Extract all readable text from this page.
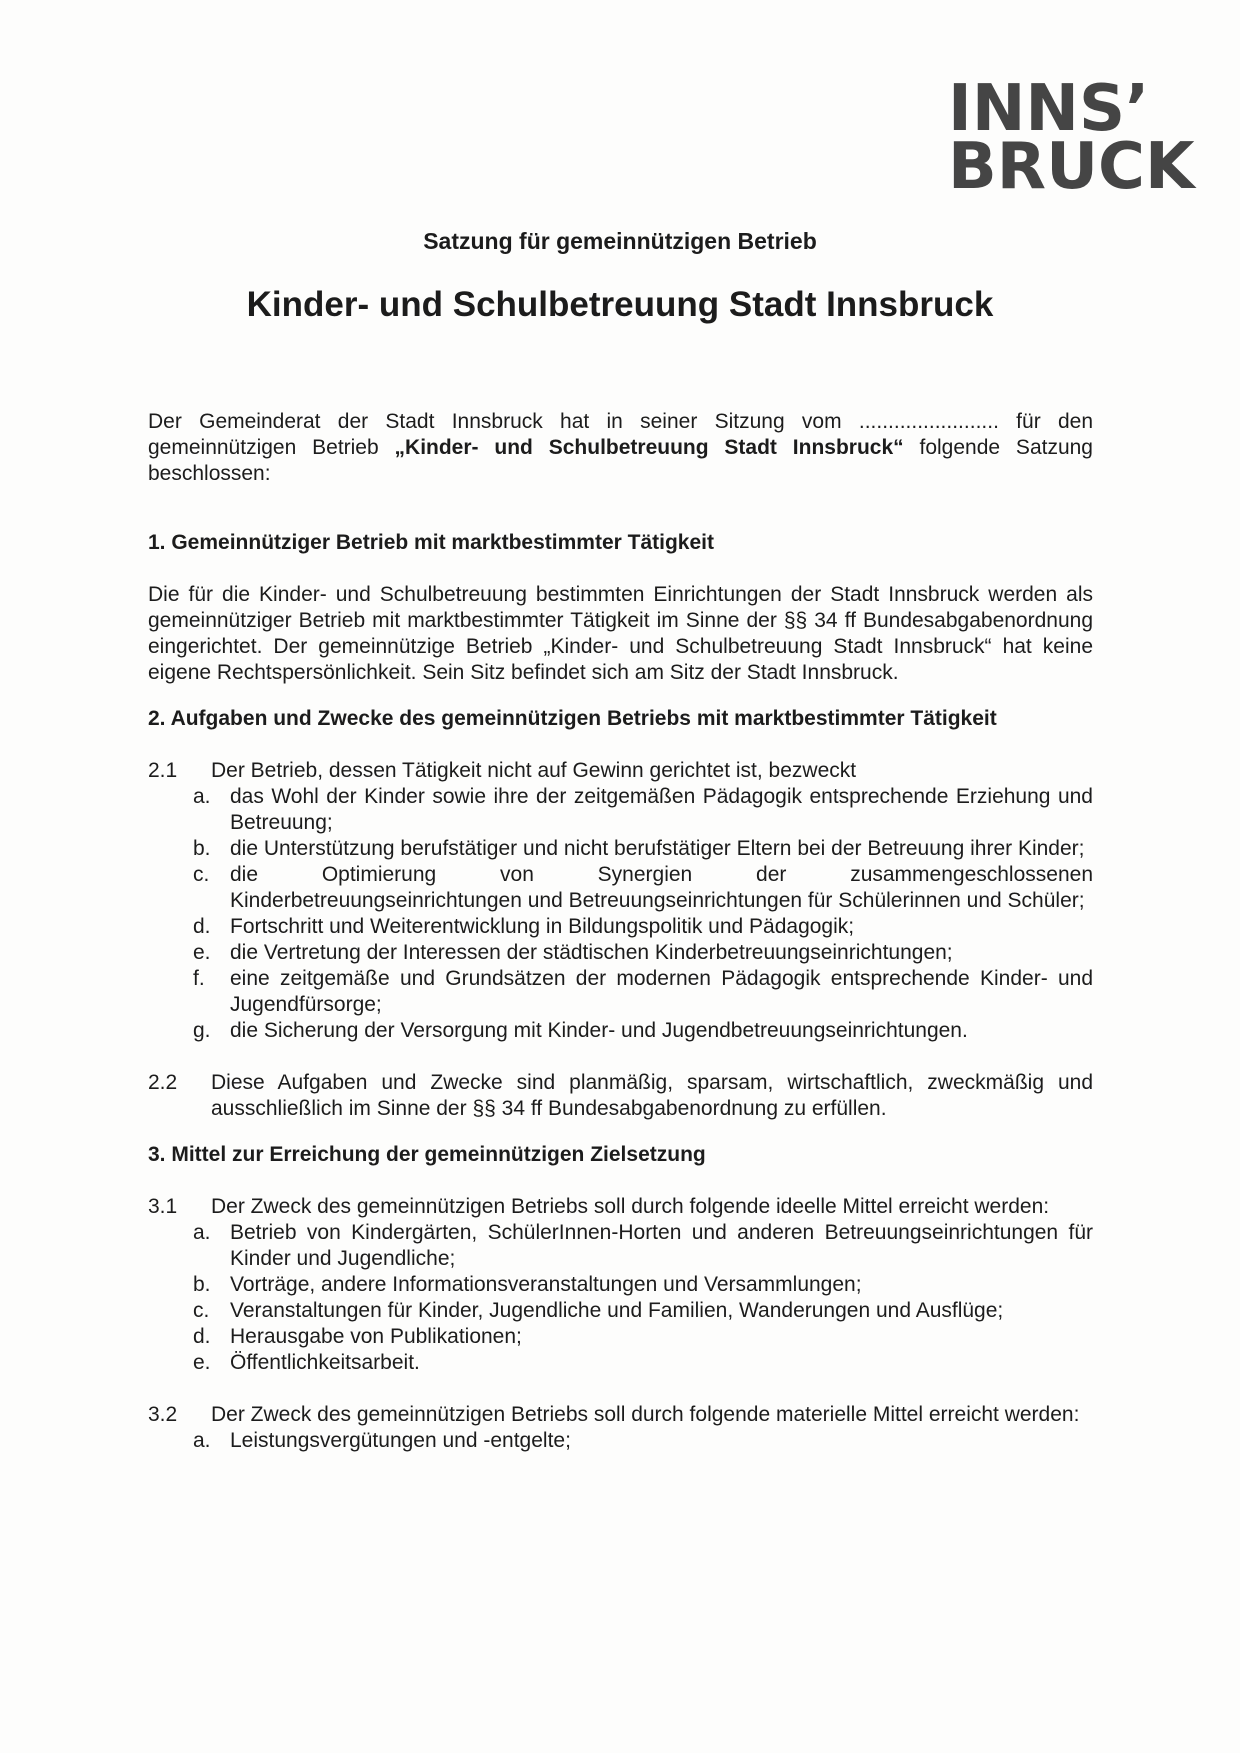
INNS’
BRUCK
Satzung für gemeinnützigen Betrieb
Kinder- und Schulbetreuung Stadt Innsbruck

Der Gemeinderat der Stadt Innsbruck hat in seiner Sitzung vom ........................ für den gemeinnützigen Betrieb „Kinder- und Schulbetreuung Stadt Innsbruck“ folgende Satzung beschlossen:

1. Gemeinnütziger Betrieb mit marktbestimmter Tätigkeit

Die für die Kinder- und Schulbetreuung bestimmten Einrichtungen der Stadt Innsbruck werden als gemeinnütziger Betrieb mit marktbestimmter Tätigkeit im Sinne der §§ 34 ff Bundesabgabenordnung eingerichtet. Der gemeinnützige Betrieb „Kinder- und Schulbetreuung Stadt Innsbruck“ hat keine eigene Rechtspersönlichkeit. Sein Sitz befindet sich am Sitz der Stadt Innsbruck.

2. Aufgaben und Zwecke des gemeinnützigen Betriebs mit marktbestimmter Tätigkeit

2.1	Der Betrieb, dessen Tätigkeit nicht auf Gewinn gerichtet ist, bezweckt
a. das Wohl der Kinder sowie ihre der zeitgemäßen Pädagogik entsprechende Erziehung und Betreuung;
b. die Unterstützung berufstätiger und nicht berufstätiger Eltern bei der Betreuung ihrer Kinder;
c. die Optimierung von Synergien der zusammengeschlossenen Kinderbetreuungseinrichtungen und Betreuungseinrichtungen für Schülerinnen und Schüler;
d. Fortschritt und Weiterentwicklung in Bildungspolitik und Pädagogik;
e. die Vertretung der Interessen der städtischen Kinderbetreuungseinrichtungen;
f.	eine zeitgemäße und Grundsätzen der modernen Pädagogik entsprechende Kinder- und Jugendfürsorge;
g. die Sicherung der Versorgung mit Kinder- und Jugendbetreuungseinrichtungen.
2.2	Diese Aufgaben und Zwecke sind planmäßig, sparsam, wirtschaftlich, zweckmäßig und ausschließlich im Sinne der §§ 34 ff Bundesabgabenordnung zu erfüllen.

3. Mittel zur Erreichung der gemeinnützigen Zielsetzung

3.1	Der Zweck des gemeinnützigen Betriebs soll durch folgende ideelle Mittel erreicht werden:
a. Betrieb von Kindergärten, SchülerInnen-Horten und anderen Betreuungseinrichtungen für Kinder und Jugendliche;
b. Vorträge, andere Informationsveranstaltungen und Versammlungen;
c. Veranstaltungen für Kinder, Jugendliche und Familien, Wanderungen und Ausflüge;
d. Herausgabe von Publikationen;
e. Öffentlichkeitsarbeit.
3.2	Der Zweck des gemeinnützigen Betriebs soll durch folgende materielle Mittel erreicht werden:
a. Leistungsvergütungen und -entgelte;
